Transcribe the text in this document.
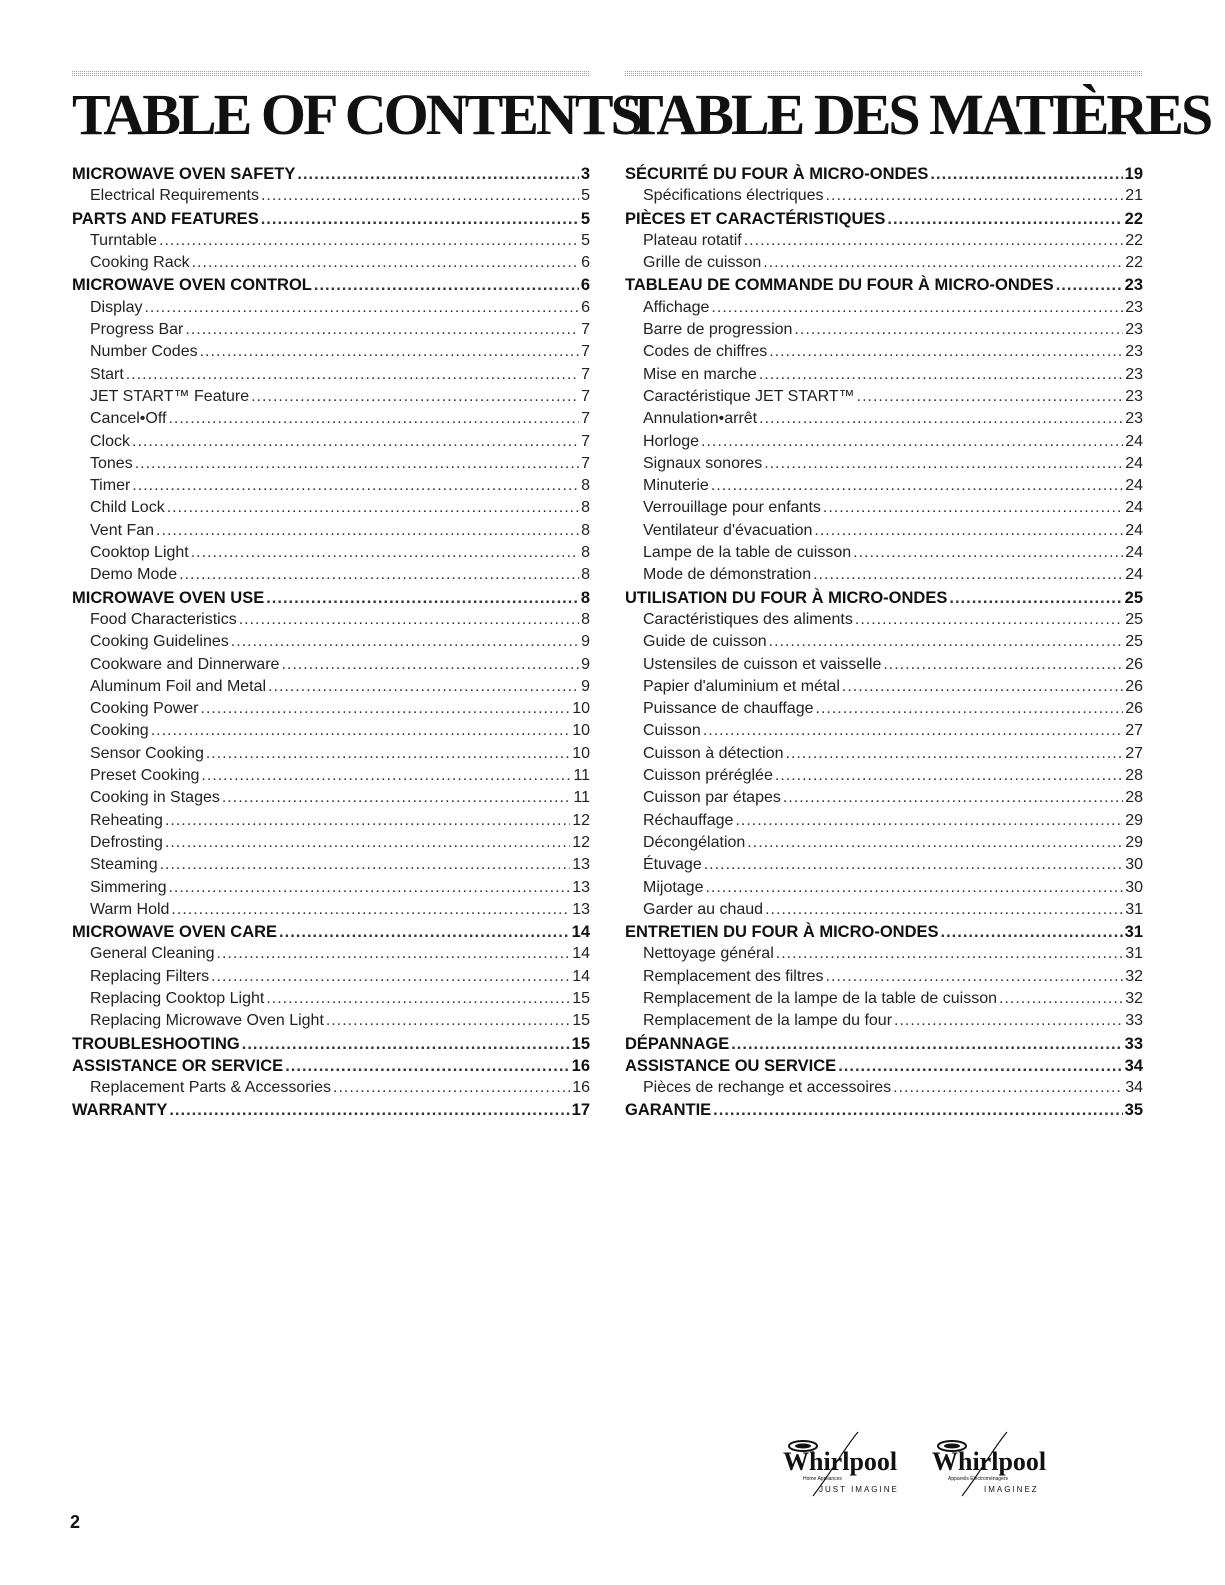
TABLE OF CONTENTS
MICROWAVE OVEN SAFETY .....	3
Electrical Requirements .....	5
PARTS AND FEATURES .....	5
Turntable .....	5
Cooking Rack .....	6
MICROWAVE OVEN CONTROL .....	6
Display .....	6
Progress Bar .....	7
Number Codes .....	7
Start .....	7
JET START™ Feature .....	7
Cancel•Off .....	7
Clock .....	7
Tones .....	7
Timer .....	8
Child Lock .....	8
Vent Fan .....	8
Cooktop Light .....	8
Demo Mode .....	8
MICROWAVE OVEN USE .....	8
Food Characteristics .....	8
Cooking Guidelines .....	9
Cookware and Dinnerware .....	9
Aluminum Foil and Metal .....	9
Cooking Power .....	10
Cooking .....	10
Sensor Cooking .....	10
Preset Cooking .....	11
Cooking in Stages .....	11
Reheating .....	12
Defrosting .....	12
Steaming .....	13
Simmering .....	13
Warm Hold .....	13
MICROWAVE OVEN CARE .....	14
General Cleaning .....	14
Replacing Filters .....	14
Replacing Cooktop Light .....	15
Replacing Microwave Oven Light .....	15
TROUBLESHOOTING .....	15
ASSISTANCE OR SERVICE .....	16
Replacement Parts & Accessories .....	16
WARRANTY .....	17
TABLE DES MATIÈRES
SÉCURITÉ DU FOUR À MICRO-ONDES .....	19
Spécifications électriques .....	21
PIÈCES ET CARACTÉRISTIQUES .....	22
Plateau rotatif .....	22
Grille de cuisson .....	22
TABLEAU DE COMMANDE DU FOUR À MICRO-ONDES .....	23
Affichage .....	23
Barre de progression .....	23
Codes de chiffres .....	23
Mise en marche .....	23
Caractéristique JET START™ .....	23
Annulation•arrêt .....	23
Horloge .....	24
Signaux sonores .....	24
Minuterie .....	24
Verrouillage pour enfants .....	24
Ventilateur d'évacuation .....	24
Lampe de la table de cuisson .....	24
Mode de démonstration .....	24
UTILISATION DU FOUR À MICRO-ONDES .....	25
Caractéristiques des aliments .....	25
Guide de cuisson .....	25
Ustensiles de cuisson et vaisselle .....	26
Papier d'aluminium et métal .....	26
Puissance de chauffage .....	26
Cuisson .....	27
Cuisson à détection .....	27
Cuisson préréglée .....	28
Cuisson par étapes .....	28
Réchauffage .....	29
Décongélation .....	29
Étuvage .....	30
Mijotage .....	30
Garder au chaud .....	31
ENTRETIEN DU FOUR À MICRO-ONDES .....	31
Nettoyage général .....	31
Remplacement des filtres .....	32
Remplacement de la lampe de la table de cuisson .....	32
Remplacement de la lampe du four .....	33
DÉPANNAGE .....	33
ASSISTANCE OU SERVICE .....	34
Pièces de rechange et accessoires .....	34
GARANTIE .....	35
Whirlpool
Home Appliances
JUST IMAGINE
Whirlpool
Appareils Électroménagers
IMAGINEZ
2
